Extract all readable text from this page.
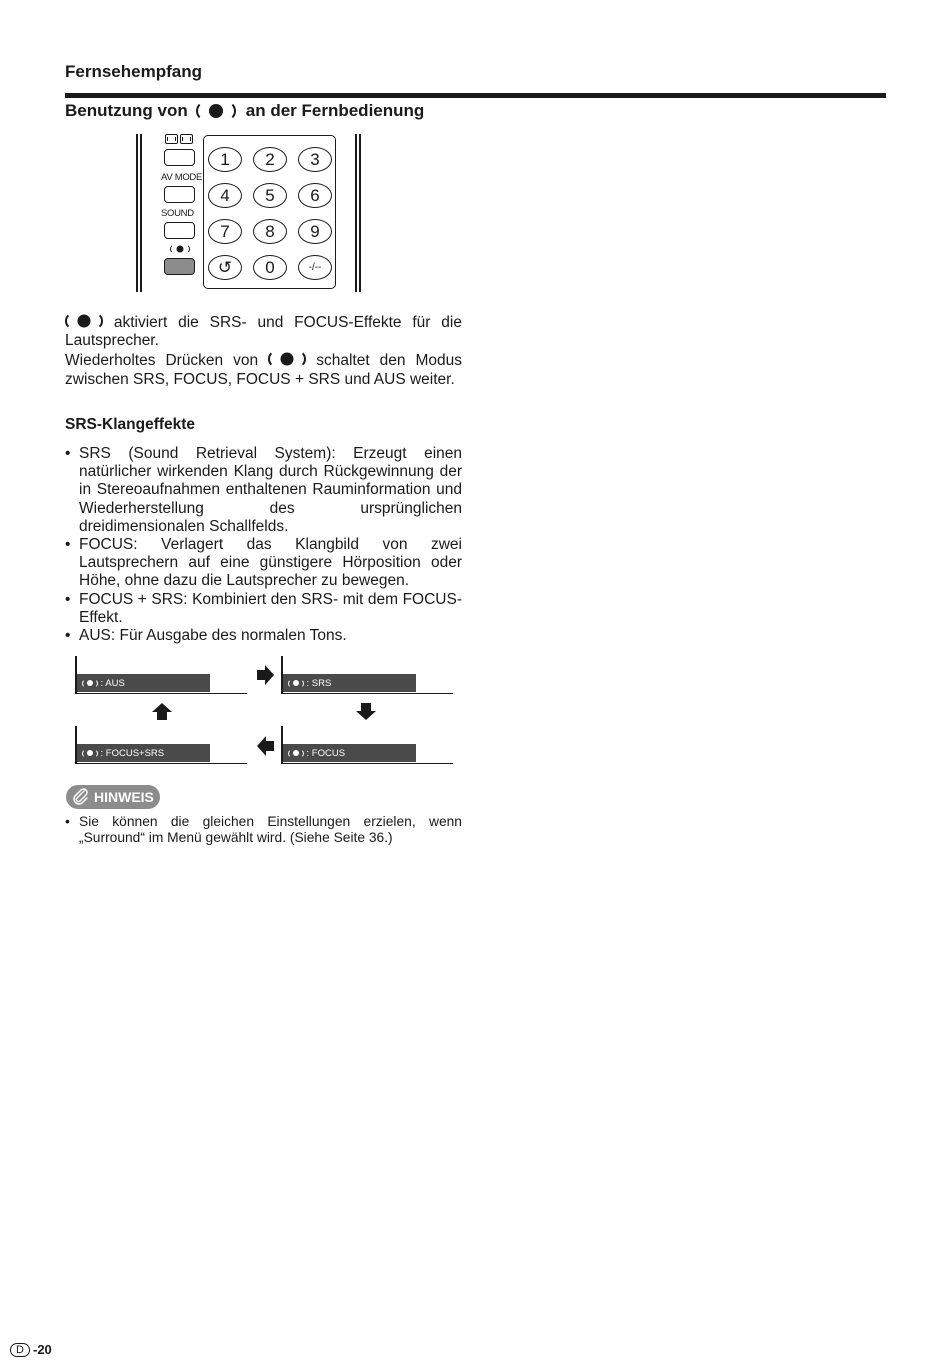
Fernsehempfang
Benutzung von	an der Fernbedienung
AV MODE
SOUND
1	2	3
4	5	6
7	8	9
↺	0	-/--
aktiviert die SRS- und FOCUS-Effekte für die Lautsprecher.
Wiederholtes Drücken von	schaltet den Modus zwischen SRS, FOCUS, FOCUS + SRS und AUS weiter.
SRS-Klangeffekte
• SRS (Sound Retrieval System): Erzeugt einen natürlicher wirkenden Klang durch Rückgewinnung der in Stereoaufnahmen enthaltenen Rauminformation und Wiederherstellung des ursprünglichen dreidimensionalen Schallfelds.
• FOCUS: Verlagert das Klangbild von zwei Lautsprechern auf eine günstigere Hörposition oder Höhe, ohne dazu die Lautsprecher zu bewegen.
• FOCUS + SRS: Kombiniert den SRS- mit dem FOCUS-Effekt.
• AUS: Für Ausgabe des normalen Tons.
: AUS	: SRS
: FOCUS+SRS	: FOCUS
HINWEIS
• Sie können die gleichen Einstellungen erzielen, wenn „Surround“ im Menü gewählt wird. (Siehe Seite 36.)
D -20
